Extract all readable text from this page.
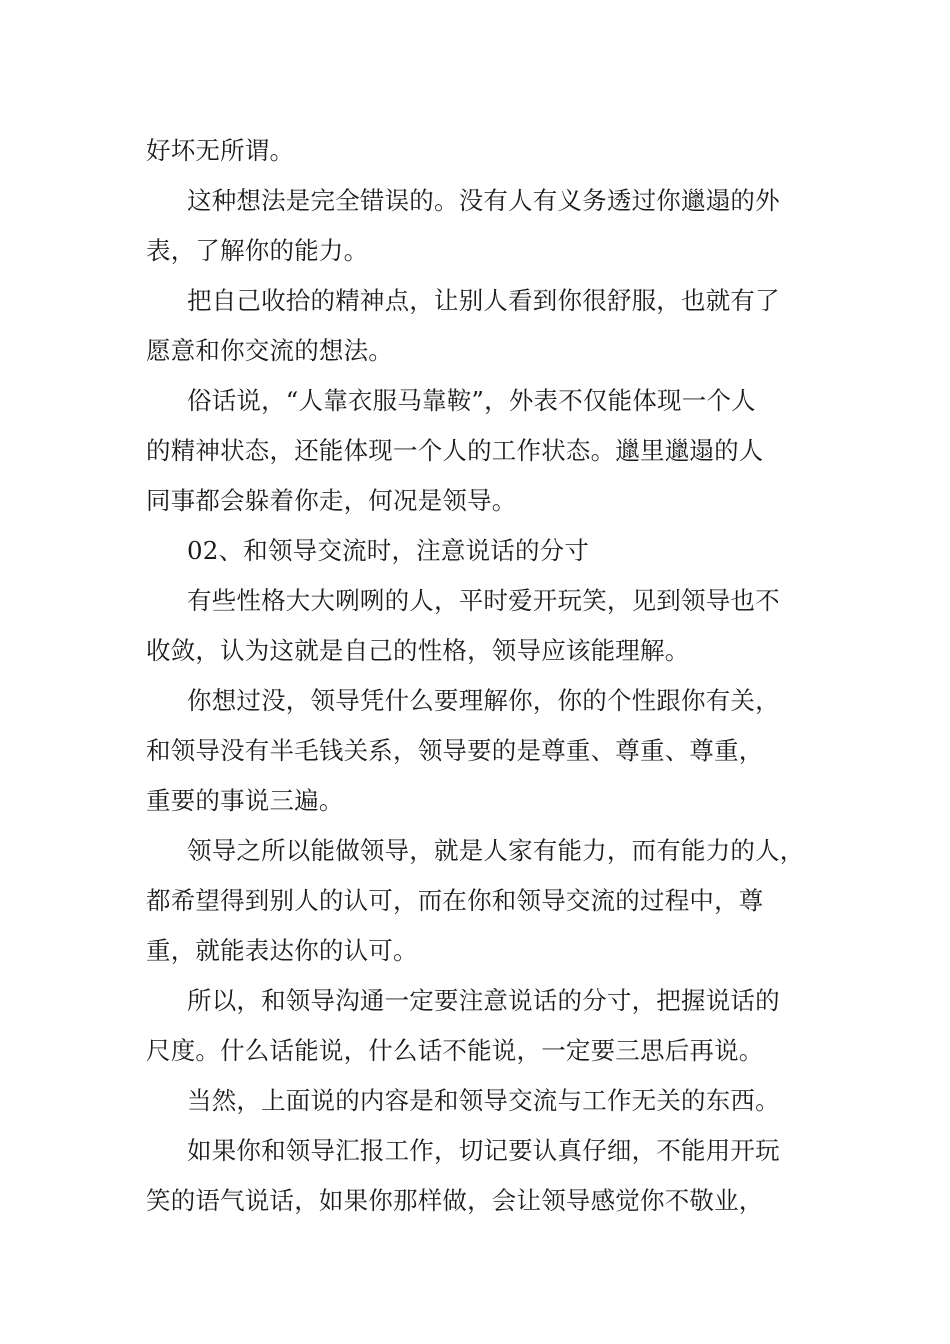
好坏无所谓。
这种想法是完全错误的。没有人有义务透过你邋遢的外
表，了解你的能力。
把自己收拾的精神点，让别人看到你很舒服，也就有了
愿意和你交流的想法。
俗话说，“人靠衣服马靠鞍”，外表不仅能体现一个人
的精神状态，还能体现一个人的工作状态。邋里邋遢的人
同事都会躲着你走，何况是领导。
02、和领导交流时，注意说话的分寸
有些性格大大咧咧的人，平时爱开玩笑，见到领导也不
收敛，认为这就是自己的性格，领导应该能理解。
你想过没，领导凭什么要理解你，你的个性跟你有关，
和领导没有半毛钱关系，领导要的是尊重、尊重、尊重，
重要的事说三遍。
领导之所以能做领导，就是人家有能力，而有能力的人，
都希望得到别人的认可，而在你和领导交流的过程中，尊
重，就能表达你的认可。
所以，和领导沟通一定要注意说话的分寸，把握说话的
尺度。什么话能说，什么话不能说，一定要三思后再说。
当然，上面说的内容是和领导交流与工作无关的东西。
如果你和领导汇报工作，切记要认真仔细，不能用开玩
笑的语气说话，如果你那样做，会让领导感觉你不敬业，
